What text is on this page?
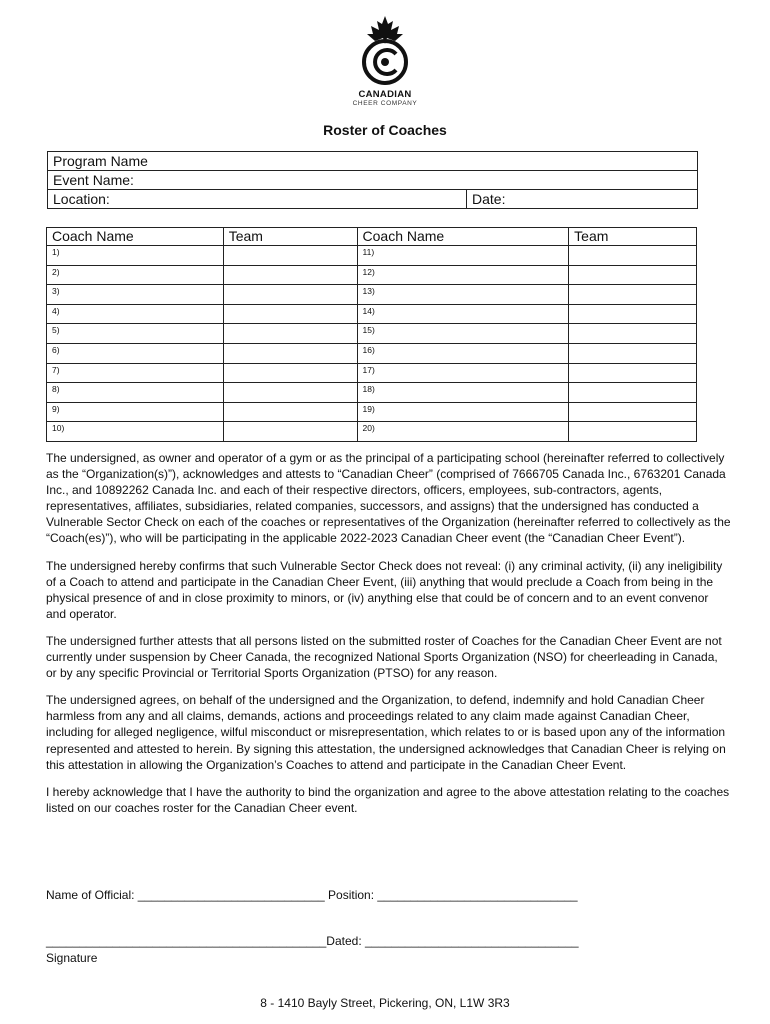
CANADIAN
CHEER COMPANY
Roster of Coaches
Program Name
Event Name:
Location:	Date:
Coach Name	Team	Coach Name	Team
1)		11)	
2)		12)	
3)		13)	
4)		14)	
5)		15)	
6)		16)	
7)		17)	
8)		18)	
9)		19)	
10)		20)	

The undersigned, as owner and operator of a gym or as the principal of a participating school (hereinafter referred to collectively as the “Organization(s)”), acknowledges and attests to “Canadian Cheer” (comprised of 7666705 Canada Inc., 6763201 Canada Inc., and 10892262 Canada Inc. and each of their respective directors, officers, employees, sub-contractors, agents, representatives, affiliates, subsidiaries, related companies, successors, and assigns) that the undersigned has conducted a Vulnerable Sector Check on each of the coaches or representatives of the Organization (hereinafter referred to collectively as the “Coach(es)”), who will be participating in the applicable 2022-2023 Canadian Cheer event (the “Canadian Cheer Event”).

The undersigned hereby confirms that such Vulnerable Sector Check does not reveal: (i) any criminal activity, (ii) any ineligibility of a Coach to attend and participate in the Canadian Cheer Event, (iii) anything that would preclude a Coach from being in the physical presence of and in close proximity to minors, or (iv) anything else that could be of concern and to an event convenor and operator.

The undersigned further attests that all persons listed on the submitted roster of Coaches for the Canadian Cheer Event are not currently under suspension by Cheer Canada, the recognized National Sports Organization (NSO) for cheerleading in Canada, or by any specific Provincial or Territorial Sports Organization (PTSO) for any reason.

The undersigned agrees, on behalf of the undersigned and the Organization, to defend, indemnify and hold Canadian Cheer harmless from any and all claims, demands, actions and proceedings related to any claim made against Canadian Cheer, including for alleged negligence, wilful misconduct or misrepresentation, which relates to or is based upon any of the information represented and attested to herein. By signing this attestation, the undersigned acknowledges that Canadian Cheer is relying on this attestation in allowing the Organization’s Coaches to attend and participate in the Canadian Cheer Event.

I hereby acknowledge that I have the authority to bind the organization and agree to the above attestation relating to the coaches listed on our coaches roster for the Canadian Cheer event.

Name of Official: ____________________________ Position: ______________________________
__________________________________________Dated: ________________________________
Signature
8 - 1410 Bayly Street, Pickering, ON, L1W 3R3
